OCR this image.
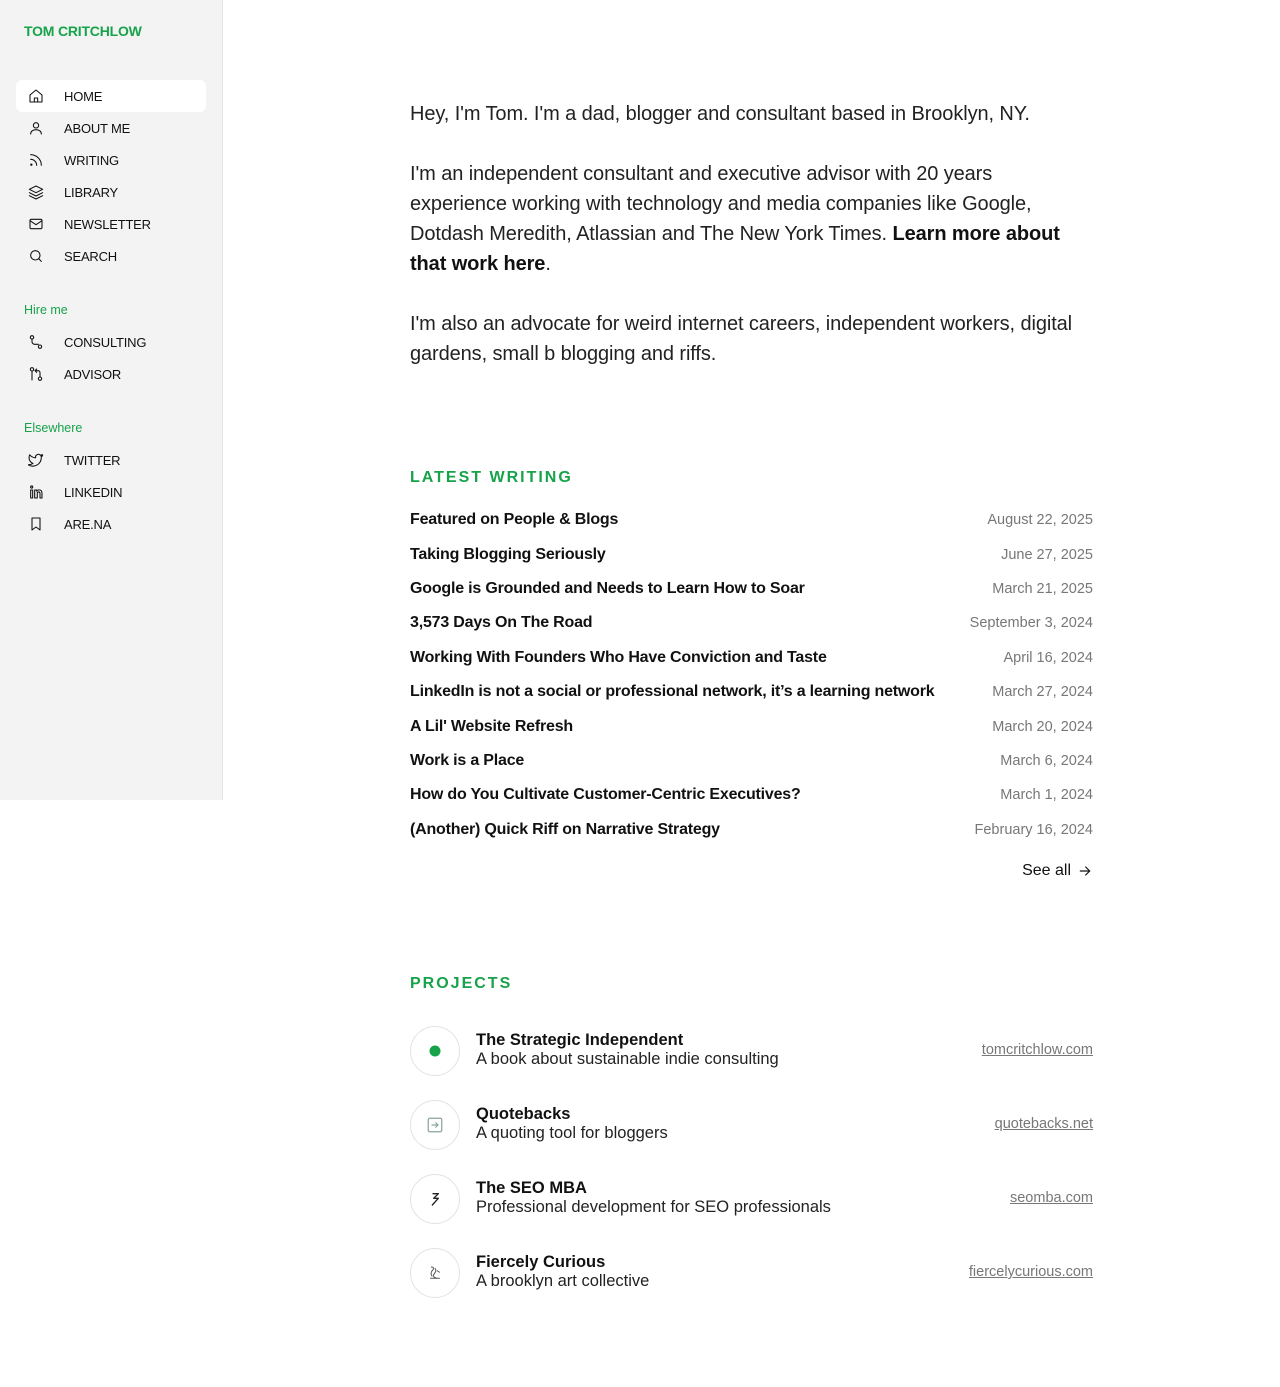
TOM CRITCHLOW
HOME
ABOUT ME
WRITING
LIBRARY
NEWSLETTER
SEARCH
Hire me
CONSULTING
ADVISOR
Elsewhere
TWITTER
LINKEDIN
ARE.NA

Hey, I'm Tom. I'm a dad, blogger and consultant based in Brooklyn, NY.

I'm an independent consultant and executive advisor with 20 years experience working with technology and media companies like Google, Dotdash Meredith, Atlassian and The New York Times. Learn more about that work here.

I'm also an advocate for weird internet careers, independent workers, digital gardens, small b blogging and riffs.

LATEST WRITING
Featured on People & Blogs	August 22, 2025
Taking Blogging Seriously	June 27, 2025
Google is Grounded and Needs to Learn How to Soar	March 21, 2025
3,573 Days On The Road	September 3, 2024
Working With Founders Who Have Conviction and Taste	April 16, 2024
LinkedIn is not a social or professional network, it’s a learning network	March 27, 2024
A Lil' Website Refresh	March 20, 2024
Work is a Place	March 6, 2024
How do You Cultivate Customer-Centric Executives?	March 1, 2024
(Another) Quick Riff on Narrative Strategy	February 16, 2024
See all
PROJECTS
The Strategic Independent
A book about sustainable indie consulting	tomcritchlow.com
Quotebacks
A quoting tool for bloggers	quotebacks.net
The SEO MBA
Professional development for SEO professionals	seomba.com
Fiercely Curious
A brooklyn art collective	fiercelycurious.com
